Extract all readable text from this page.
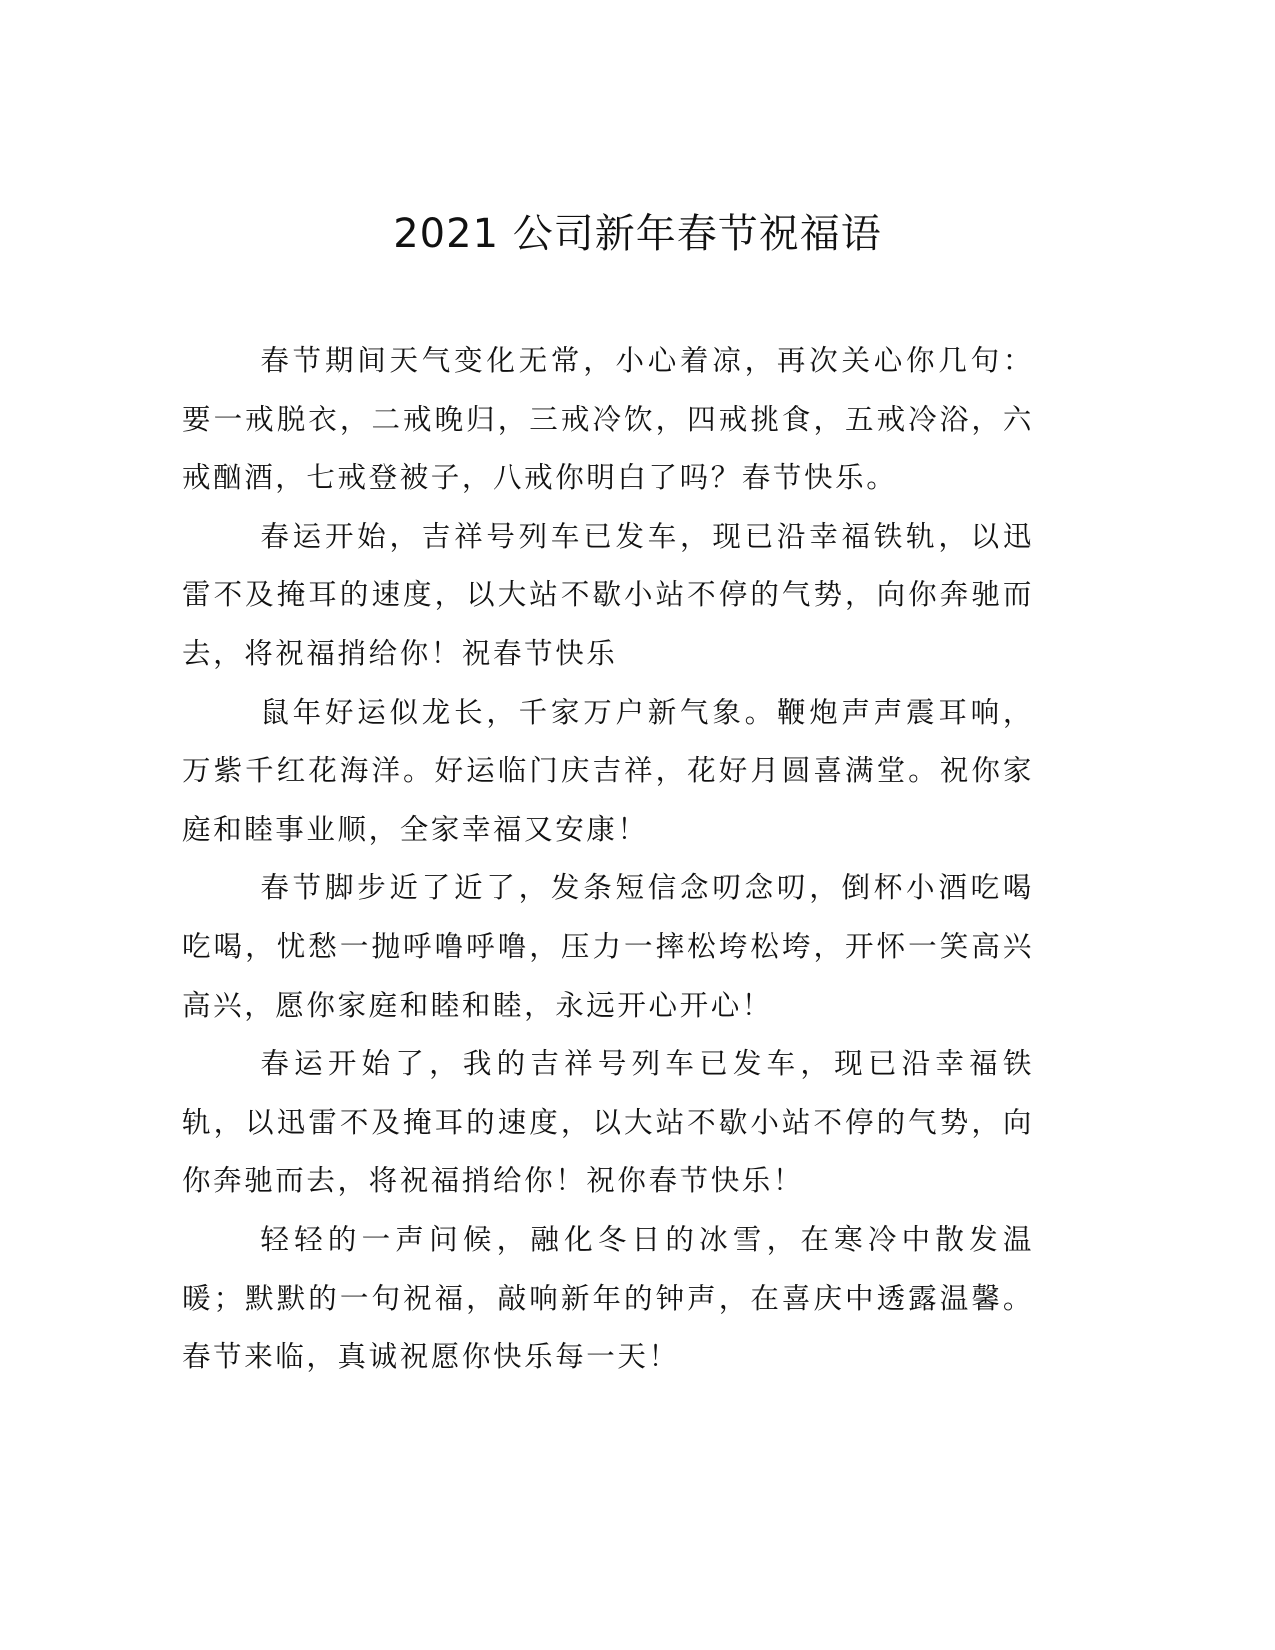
2021 公司新年春节祝福语

春节期间天气变化无常，小心着凉，再次关心你几句：要一戒脱衣，二戒晚归，三戒冷饮，四戒挑食，五戒冷浴，六戒酗酒，七戒登被子，八戒你明白了吗？春节快乐。

春运开始，吉祥号列车已发车，现已沿幸福铁轨，以迅雷不及掩耳的速度，以大站不歇小站不停的气势，向你奔驰而去，将祝福捎给你！祝春节快乐

鼠年好运似龙长，千家万户新气象。鞭炮声声震耳响，万紫千红花海洋。好运临门庆吉祥，花好月圆喜满堂。祝你家庭和睦事业顺，全家幸福又安康！

春节脚步近了近了，发条短信念叨念叨，倒杯小酒吃喝吃喝，忧愁一抛呼噜呼噜，压力一摔松垮松垮，开怀一笑高兴高兴，愿你家庭和睦和睦，永远开心开心！

春运开始了，我的吉祥号列车已发车，现已沿幸福铁轨，以迅雷不及掩耳的速度，以大站不歇小站不停的气势，向你奔驰而去，将祝福捎给你！祝你春节快乐！

轻轻的一声问候，融化冬日的冰雪，在寒冷中散发温暖；默默的一句祝福，敲响新年的钟声，在喜庆中透露温馨。春节来临，真诚祝愿你快乐每一天！
